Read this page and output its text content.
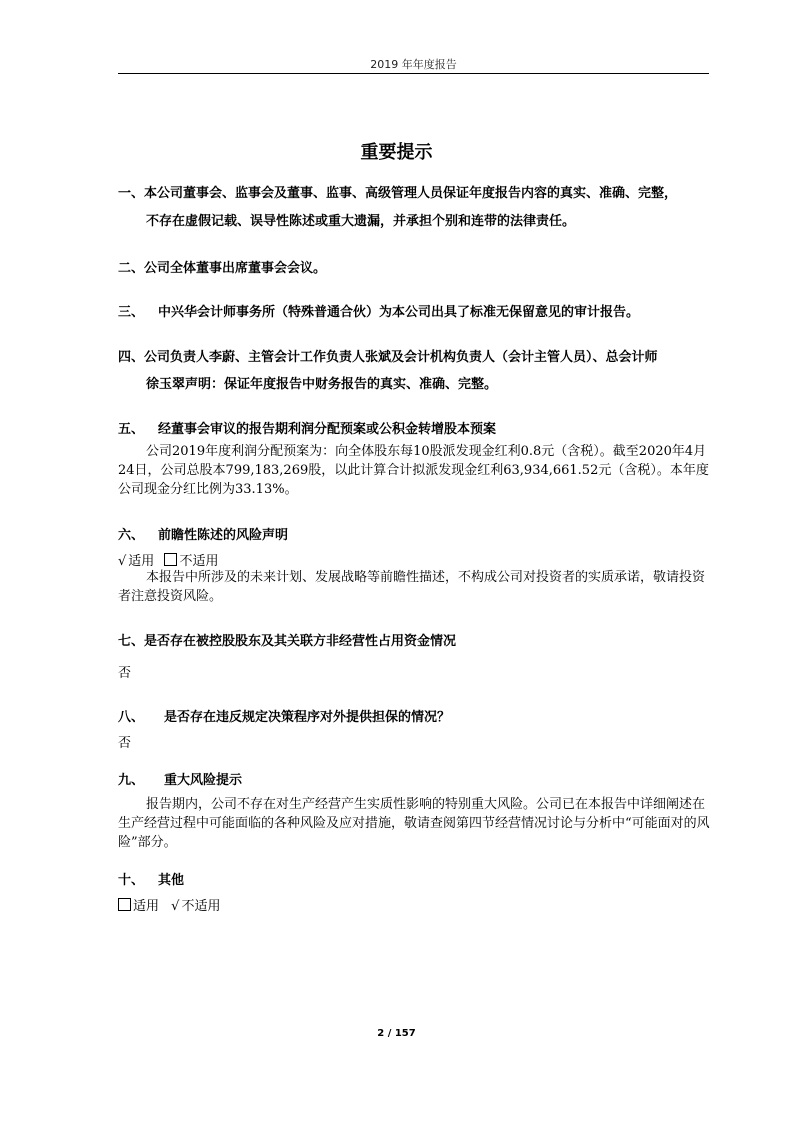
2019 年年度报告
重要提示
一、本公司董事会、监事会及董事、监事、高级管理人员保证年度报告内容的真实、准确、完整，
不存在虚假记载、误导性陈述或重大遗漏，并承担个别和连带的法律责任。
二、公司全体董事出席董事会会议。
三、 中兴华会计师事务所（特殊普通合伙）为本公司出具了标准无保留意见的审计报告。
四、公司负责人李蔚、主管会计工作负责人张斌及会计机构负责人（会计主管人员）、总会计师
徐玉翠声明：保证年度报告中财务报告的真实、准确、完整。
五、 经董事会审议的报告期利润分配预案或公积金转增股本预案
公司2019年度利润分配预案为：向全体股东每10股派发现金红利0.8元（含税）。截至2020年4月24日，公司总股本799,183,269股，以此计算合计拟派发现金红利63,934,661.52元（含税）。本年度公司现金分红比例为33.13%。
六、 前瞻性陈述的风险声明
√ 适用 不适用
本报告中所涉及的未来计划、发展战略等前瞻性描述，不构成公司对投资者的实质承诺，敬请投资者注意投资风险。
七、是否存在被控股股东及其关联方非经营性占用资金情况
否
八、 是否存在违反规定决策程序对外提供担保的情况？
否
九、 重大风险提示
报告期内，公司不存在对生产经营产生实质性影响的特别重大风险。公司已在本报告中详细阐述在生产经营过程中可能面临的各种风险及应对措施，敬请查阅第四节经营情况讨论与分析中“可能面对的风险”部分。
十、 其他
适用 √ 不适用
2 / 157
